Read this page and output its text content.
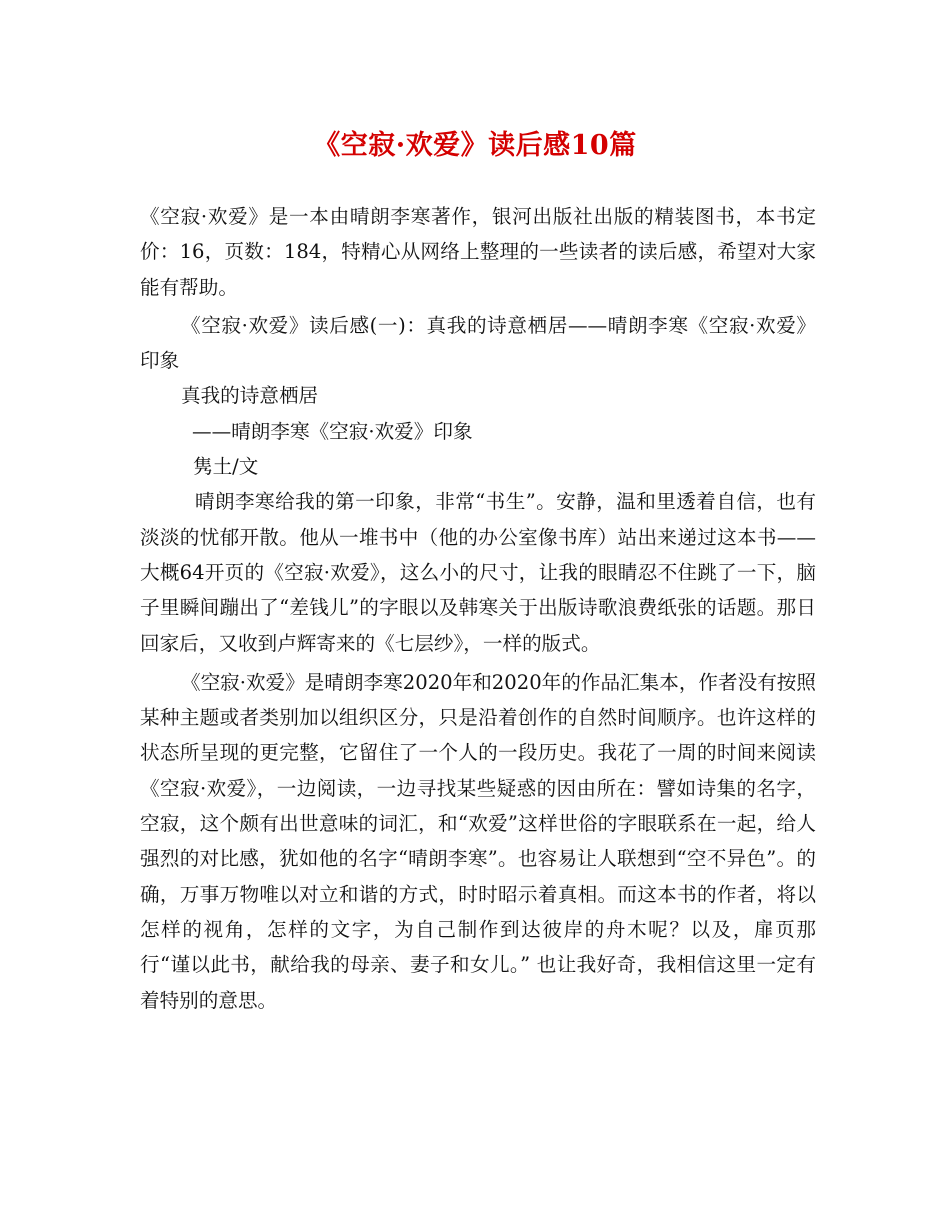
《空寂·欢爱》读后感10篇

《空寂·欢爱》是一本由晴朗李寒著作，银河出版社出版的精装图书，本书定价：16，页数：184，特精心从网络上整理的一些读者的读后感，希望对大家能有帮助。

《空寂·欢爱》读后感(一)：真我的诗意栖居——晴朗李寒《空寂·欢爱》印象

真我的诗意栖居

——晴朗李寒《空寂·欢爱》印象

隽土/文

晴朗李寒给我的第一印象，非常“书生”。安静，温和里透着自信，也有淡淡的忧郁开散。他从一堆书中（他的办公室像书库）站出来递过这本书——大概64开页的《空寂·欢爱》，这么小的尺寸，让我的眼睛忍不住跳了一下，脑子里瞬间蹦出了“差钱儿”的字眼以及韩寒关于出版诗歌浪费纸张的话题。那日回家后，又收到卢辉寄来的《七层纱》，一样的版式。

《空寂·欢爱》是晴朗李寒2020年和2020年的作品汇集本，作者没有按照某种主题或者类别加以组织区分，只是沿着创作的自然时间顺序。也许这样的状态所呈现的更完整，它留住了一个人的一段历史。我花了一周的时间来阅读《空寂·欢爱》，一边阅读，一边寻找某些疑惑的因由所在：譬如诗集的名字，空寂，这个颇有出世意味的词汇，和“欢爱”这样世俗的字眼联系在一起，给人强烈的对比感，犹如他的名字“晴朗李寒”。也容易让人联想到“空不异色”。的确，万事万物唯以对立和谐的方式，时时昭示着真相。而这本书的作者，将以怎样的视角，怎样的文字，为自己制作到达彼岸的舟木呢？以及，扉页那行“谨以此书，献给我的母亲、妻子和女儿。” 也让我好奇，我相信这里一定有着特别的意思。
